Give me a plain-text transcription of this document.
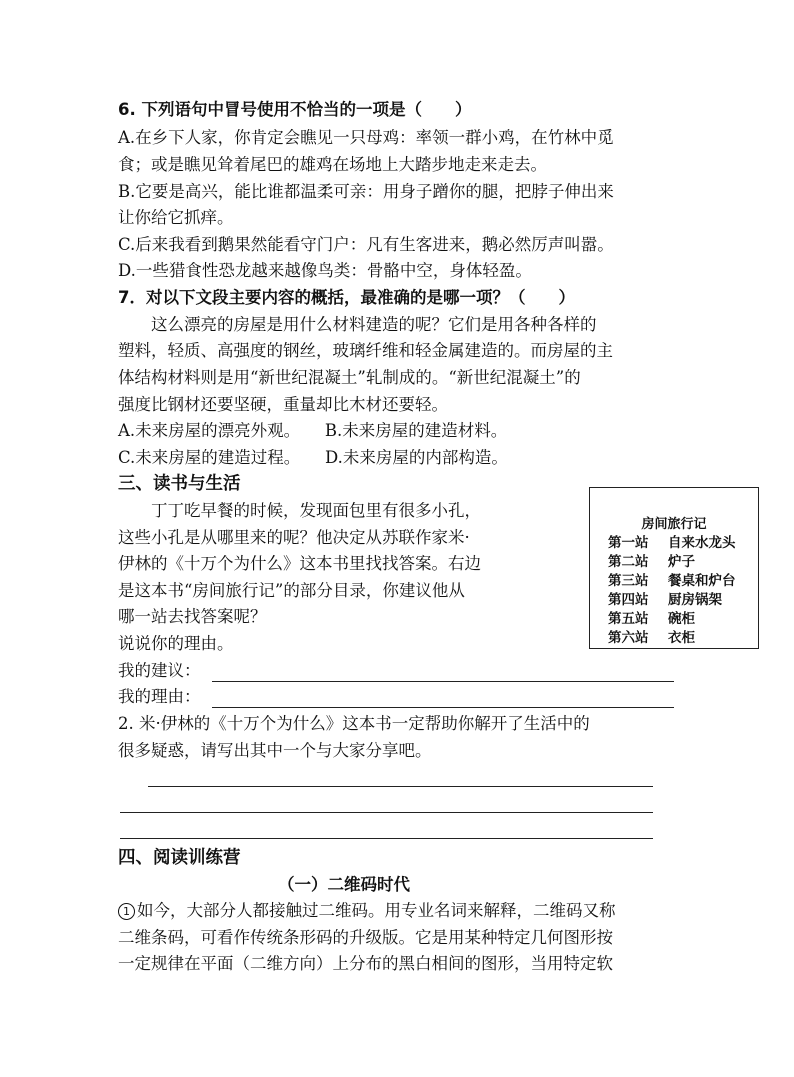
6. 下列语句中冒号使用不恰当的一项是（　　）
A.在乡下人家，你肯定会瞧见一只母鸡：率领一群小鸡，在竹林中觅
食；或是瞧见耸着尾巴的雄鸡在场地上大踏步地走来走去。
B.它要是高兴，能比谁都温柔可亲：用身子蹭你的腿，把脖子伸出来
让你给它抓痒。
C.后来我看到鹅果然能看守门户：凡有生客进来，鹅必然厉声叫嚣。
D.一些猎食性恐龙越来越像鸟类：骨骼中空，身体轻盈。
7．对以下文段主要内容的概括，最准确的是哪一项？（　　）
　　这么漂亮的房屋是用什么材料建造的呢？它们是用各种各样的
塑料，轻质、高强度的钢丝，玻璃纤维和轻金属建造的。而房屋的主
体结构材料则是用“新世纪混凝土”轧制成的。“新世纪混凝土”的
强度比钢材还要坚硬，重量却比木材还要轻。
A.未来房屋的漂亮外观。　　B.未来房屋的建造材料。
C.未来房屋的建造过程。　　D.未来房屋的内部构造。
三、读书与生活
　　丁丁吃早餐的时候，发现面包里有很多小孔，
这些小孔是从哪里来的呢？他决定从苏联作家米·
伊林的《十万个为什么》这本书里找找答案。右边
是这本书“房间旅行记”的部分目录，你建议他从
哪一站去找答案呢？
说说你的理由。
房间旅行记
第一站 自来水龙头
第二站 炉子
第三站 餐桌和炉台
第四站 厨房锅架
第五站 碗柜
第六站 衣柜
我的建议：
我的理由：
2. 米·伊林的《十万个为什么》这本书一定帮助你解开了生活中的
很多疑惑，请写出其中一个与大家分享吧。
四、阅读训练营
（一）二维码时代
1 如今，大部分人都接触过二维码。用专业名词来解释，二维码又称
二维条码，可看作传统条形码的升级版。它是用某种特定几何图形按
一定规律在平面（二维方向）上分布的黑白相间的图形，当用特定软
